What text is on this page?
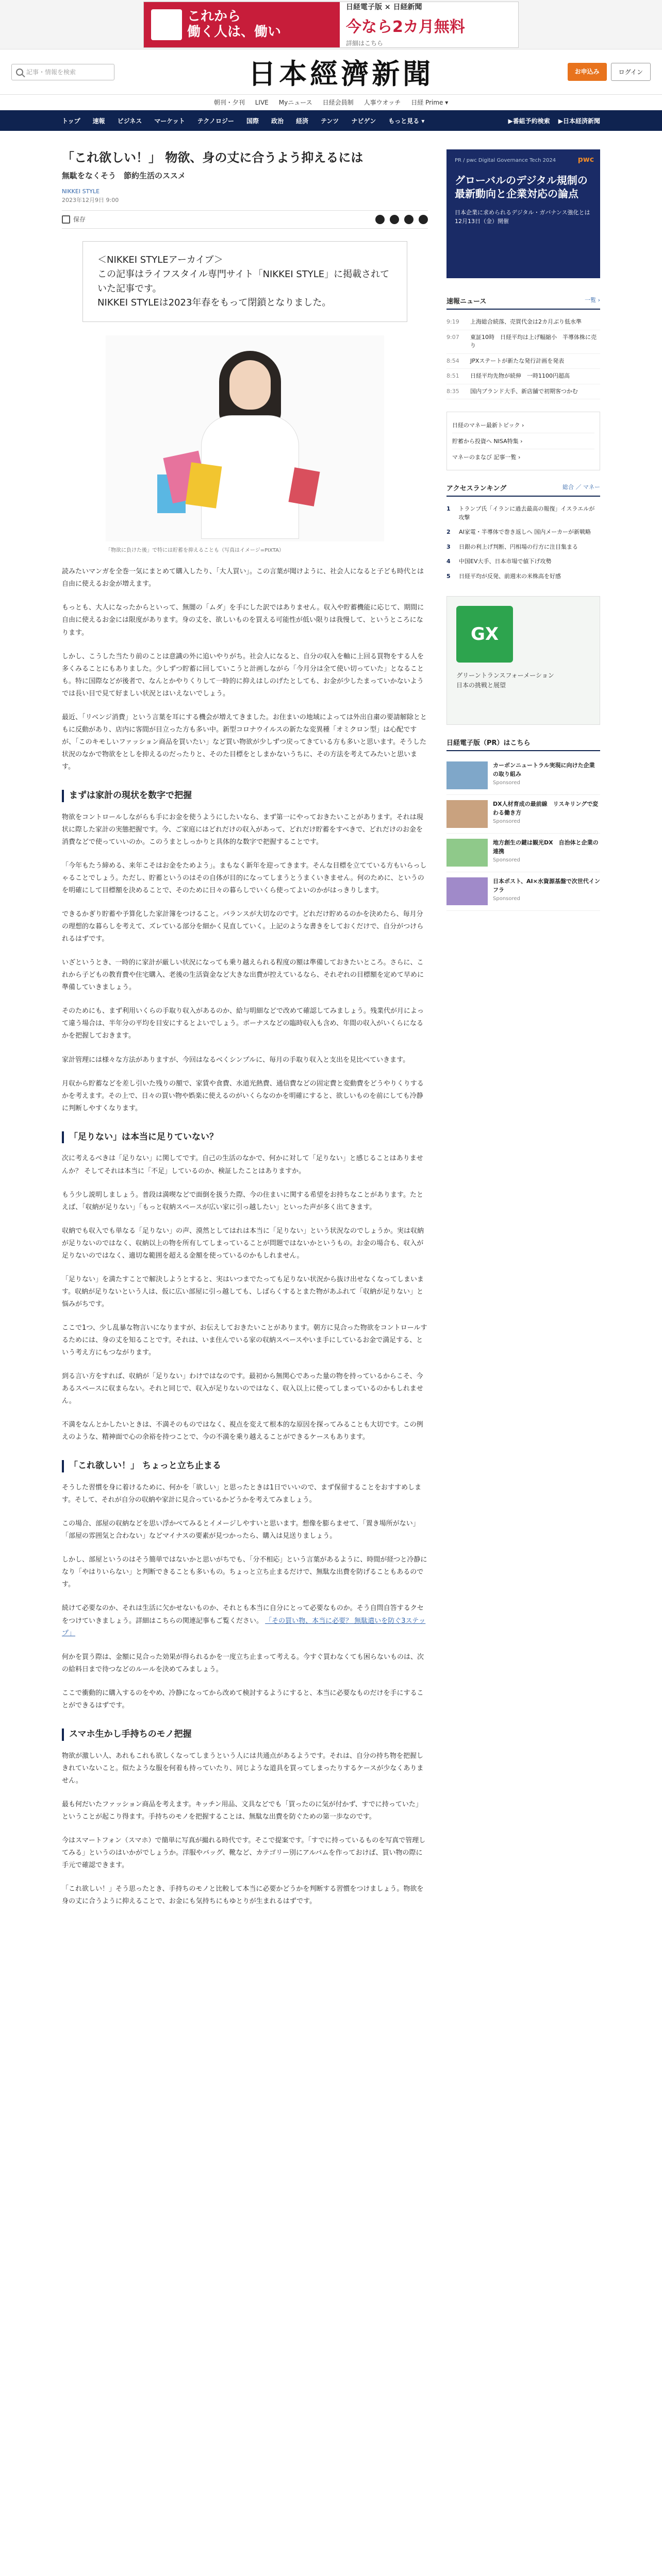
これから
働く人は、働い
日経電子版 × 日経新聞
今なら2カ月無料
詳細はこちら
記事・情報を検索	日本經濟新聞	お申込み	ログイン
朝刊・夕刊 LIVE Myニュース 日経会員制 人事ウオッチ 日経 Prime ▾
トップ 速報 ビジネス マーケット テクノロジー 国際 政治 経済 テンツ ナビゲン もっと見る ▾	▶番組予約検索 ▶日本経済新聞
「これ欲しい！」 物欲、身の丈に合うよう抑えるには
無駄をなくそう　節約生活のススメ
NIKKEI STYLE
2023年12月9日 9:00
保存
＜NIKKEI STYLEアーカイブ＞
この記事はライフスタイル専門サイト「NIKKEI STYLE」に掲載されていた記事です。
NIKKEI STYLEは2023年春をもって閉鎖となりました。
「物欲に負けた後」で特には貯蓄を抑えることも（写真はイメージ=PIXTA）

読みたいマンガを全巻一気にまとめて購入したり、「大人買い」。この言葉が聞けように、社会人になると子ども時代とは自由に使えるお金が増えます。

もっとも、大人になったからといって、無闇の「ムダ」を手にした訳ではありません。収入や貯蓄機能に応じて、期間に自由に使えるお金には限度があります。身の丈を、欲しいものを買える可能性が低い限りは我慢して、というところになります。

しかし、こうした当たり前のことは意識の外に追いやりがち。社会人になると、自分の収入を軸に上回る買物をする人を多くみることにもありました。少しずつ貯蓄に回していこうと計画しながら「今月分は全て使い切っていた」となることも。特に国際などが後者で、なんとかやりくりして一時的に抑えはしのげたとしても、お金が少したまっていかないようでは長い目で見て好ましい状況とはいえないでしょう。

最近、「リベンジ消費」という言葉を耳にする機会が増えてきました。お住まいの地域によっては外出自粛の要請解除とともに反動があり、店内に客間が目立った方も多い中。新型コロナウイルスの新たな変異種「オミクロン型」は心配ですが、「このキモしいファッション商品を買いたい」など買い物欲が少しずつ戻ってきている方も多いと思います。そうした状況のなかで物欲をとしを抑えるのだったりと、そのた目標をとしまかないうちに、その方法を考えてみたいと思います。

まずは家計の現状を数字で把握

物欲をコントロールしながらも手にお金を使うようにしたいなら、まず第一にやっておきたいことがあります。それは現状に際した家計の実態把握です。今、ご家庭にはどれだけの収入があって、どれだけ貯蓄をすべきで、どれだけのお金を消費などで使っていいのか。このうまとしっかりと具体的な数字で把握することです。

「今年もたう締める、来年こそはお金をためよう」。まもなく新年を迎ってきます。そんな目標を立てている方もいらっしゃることでしょう。ただし、貯蓄というのはその自体が目的になってしまうとうまくいきません。何のために、というのを明確にして目標額を決めることで、そのために日々の暮らしでいくら使ってよいのかがはっきりします。

できるかぎり貯蓄や予算化した家計簿をつけること。バランスが大切なのです。どれだけ貯めるのかを決めたら、毎月分の理想的な暮らしを考えて、ズレている部分を細かく見直していく。上記のような書きをしておくだけで、自分がつけられるはずです。

いざというとき、一時的に家計が厳しい状況になっても乗り越えられる程度の額は準備しておきたいところ。さらに、これから子どもの教育費や住宅購入、老後の生活資金など大きな出費が控えているなら、それぞれの目標額を定めて早めに準備していきましょう。

そのためにも、まず利用いくらの手取り収入があるのか、給与明細などで改めて確認してみましょう。残業代が月によって違う場合は、半年分の平均を目安にするとよいでしょう。ボーナスなどの臨時収入も含め、年間の収入がいくらになるかを把握しておきます。

家計管理には様々な方法がありますが、今回はなるべくシンプルに、毎月の手取り収入と支出を見比べていきます。

月収から貯蓄などを差し引いた残りの額で、家賃や食費、水道光熱費、通信費などの固定費と変動費をどうやりくりするかを考えます。その上で、日々の買い物や娯楽に使えるのがいくらなのかを明確にすると、欲しいものを前にしても冷静に判断しやすくなります。

「足りない」は本当に足りていない？

次に考えるべきは「足りない」に関してです。自己の生活のなかで、何かに対して「足りない」と感じることはありませんか？ そしてそれは本当に「不足」しているのか、検証したことはありますか。

もう少し説明しましょう。普段は満喫などで面倒を扱うた際、今の住まいに関する希望をお持ちなことがあります。たとえば、「収納が足りない」「もっと収納スペースが広い家に引っ越したい」といった声が多く出てきます。

収納でも収入でも単なる「足りない」の声、漠然としてはれは本当に「足りない」という状況なのでしょうか。実は収納が足りないのではなく、収納以上の物を所有してしまっていることが問題ではないかというもの。お金の場合も、収入が足りないのではなく、適切な範囲を超える金額を使っているのかもしれません。

「足りない」を満たすことで解決しようとすると、実はいつまでたっても足りない状況から抜け出せなくなってしまいます。収納が足りないという人は、仮に広い部屋に引っ越しても、しばらくするとまた物があふれて「収納が足りない」と悩みがちです。

ここで1つ、少し乱暴な物言いになりますが、お伝えしておきたいことがあります。朝方に見合った物欲をコントロールするためには、身の丈を知ることです。それは、いま住んでいる家の収納スペースやいま手にしているお金で満足する、という考え方にもつながります。

到る言い方をすれば、収納が「足りない」わけではなのです。最初から無関心であった量の物を持っているからこそ、今あるスペースに収まらない。それと同じで、収入が足りないのではなく、収入以上に使ってしまっているのかもしれません。

不満をなんとかしたいときは、不満そのものではなく、視点を変えて根本的な原因を探ってみることも大切です。この例えのような、精神面で心の余裕を持つことで、今の不満を乗り越えることができるケースもあります。

「これ欲しい！」 ちょっと立ち止まる

そうした習慣を身に着けるために、何かを「欲しい」と思ったときは1日でいいので、まず保留することをおすすめします。そして、それが自分の収納や家計に見合っているかどうかを考えてみましょう。

この場合、部屋の収納などを思い浮かべてみるとイメージしやすいと思います。想像を膨らませて、「置き場所がない」「部屋の雰囲気と合わない」などマイナスの要素が見つかったら、購入は見送りましょう。

しかし、部屋というのはそう簡単ではないかと思いがちでも、「分不相応」という言葉があるように、時間が経つと冷静になり「やはりいらない」と判断できることも多いもの。ちょっと立ち止まるだけで、無駄な出費を防げることもあるのです。

続けて必要なのか、それは生活に欠かせないものか、それとも本当に自分にとって必要なものか。そう自問自答するクセをつけていきましょう。詳細はこちらの関連記事もご覧ください。 「その買い物、本当に必要？ 無駄遣いを防ぐ3ステップ」

何かを買う際は、金額に見合った効果が得られるかを一度立ち止まって考える。今すぐ買わなくても困らないものは、次の給料日まで待つなどのルールを決めてみましょう。

ここで衝動的に購入するのをやめ、冷静になってから改めて検討するようにすると、本当に必要なものだけを手にすることができるはずです。

スマホ生かし手持ちのモノ把握

物欲が激しい人、あれもこれも欲しくなってしまうという人には共通点があるようです。それは、自分の持ち物を把握しきれていないこと。似たような服を何着も持っていたり、同じような道具を買ってしまったりするケースが少なくありません。

最も何だいたファッション商品を考えます。キッチン用品、文具などでも「買ったのに気が付かず、すでに持っていた」ということが起こり得ます。手持ちのモノを把握することは、無駄な出費を防ぐための第一歩なのです。

今はスマートフォン（スマホ）で簡単に写真が撮れる時代です。そこで提案です。「すでに持っているものを写真で管理してみる」というのはいかがでしょうか。洋服やバッグ、靴など、カテゴリー別にアルバムを作っておけば、買い物の際に手元で確認できます。

「これ欲しい！」そう思ったとき、手持ちのモノと比較して本当に必要かどうかを判断する習慣をつけましょう。物欲を身の丈に合うように抑えることで、お金にも気持ちにもゆとりが生まれるはずです。

pwc
PR / pwc Digital Governance Tech 2024
グローバルのデジタル規制の最新動向と企業対応の論点
日本企業に求められるデジタル・ガバナンス強化とは
12月13日（金）開催
速報ニュース	一覧 ›
9:19	上海総合続落、売買代金は2カ月ぶり低水準
9:07	東証10時　日経平均は上げ幅縮小　半導体株に売り
8:54	JPXステートが新たな発行計画を発表
8:51	日経平均先物が続伸　一時1100円超高
8:35	国内ブランド大手、新店舗で初期客つかむ
日経のマネー最新トピック ›
貯蓄から投資へ NISA特集 ›
マネーのまなび 記事一覧 ›
アクセスランキング	総合 ／ マネー
1	トランプ氏「イランに過去最高の報復」イスラエルが攻撃
2	AI家電・半導体で巻き返しへ 国内メーカーが新戦略
3	日銀の利上げ判断、円相場の行方に注目集まる
4	中国EV大手、日本市場で値下げ攻勢
5	日経平均が反発、前週末の米株高を好感
GX
グリーントランスフォーメーション
日本の挑戦と展望
日経電子版（PR）はこちら
カーボンニュートラル実現に向けた企業の取り組み
Sponsored
DX人材育成の最前線　リスキリングで変わる働き方
Sponsored
地方創生の鍵は観光DX　自治体と企業の連携
Sponsored
日本ポスト、AI×水資源基盤で次世代インフラ
Sponsored
